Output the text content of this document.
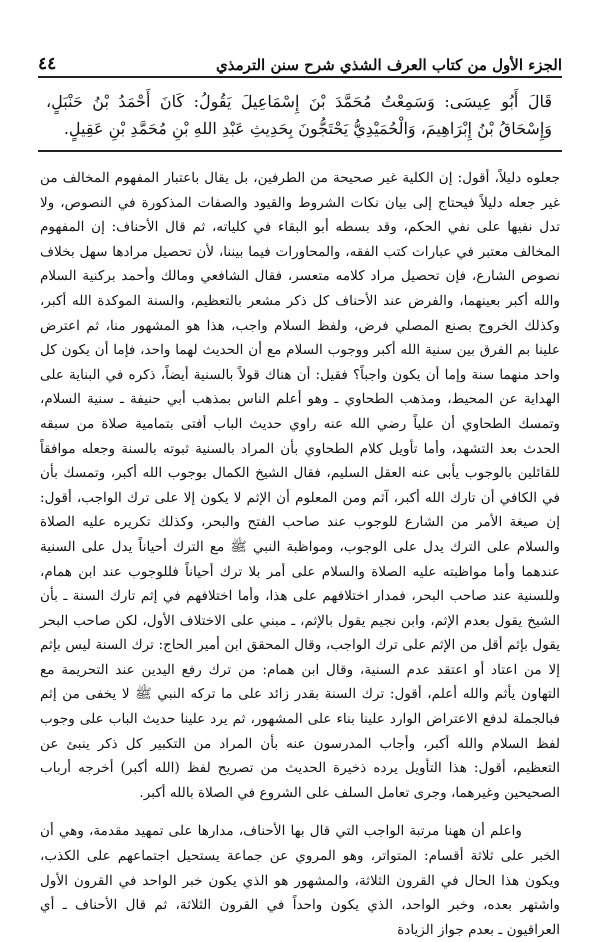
الجزء الأول من كتاب العرف الشذي شرح سنن الترمذي
٤٤
قَالَ أَبُو عِيسَى: وَسَمِعْتُ مُحَمَّدَ بْنَ إِسْمَاعِيلَ يَقُولُ: كَانَ أَحْمَدُ بْنُ حَنْبَلٍ، وَإِسْحَاقُ بْنُ إِبْرَاهِيمَ، وَالْحُمَيْدِيُّ يَحْتَجُّونَ بِحَدِيثِ عَبْدِ اللهِ بْنِ مُحَمَّدِ بْنِ عَقِيلٍ.

جعلوه دليلاً، أقول: إن الكلية غير صحيحة من الطرفين، بل يقال باعتبار المفهوم المخالف من غير جعله دليلاً فيحتاج إلى بيان نكات الشروط والقيود والصفات المذكورة في النصوص، ولا تدل نفيها على نفي الحكم، وقد بسطه أبو البقاء في كلياته، ثم قال الأحناف: إن المفهوم المخالف معتبر في عبارات كتب الفقه، والمحاورات فيما بيننا، لأن تحصيل مرادها سهل بخلاف نصوص الشارع، فإن تحصيل مراد كلامه متعسر، فقال الشافعي ومالك وأحمد بركنية السلام والله أكبر بعينهما، والفرض عند الأحناف كل ذكر مشعر بالتعظيم، والسنة الموكدة الله أكبر، وكذلك الخروج بصنع المصلي فرض، ولفظ السلام واجب، هذا هو المشهور منا، ثم اعترض علينا بم الفرق بين سنية الله أكبر ووجوب السلام مع أن الحديث لهما واحد، فإما أن يكون كل واحد منهما سنة وإما أن يكون واجباً؟ فقيل: أن هناك قولاً بالسنية أيضاً، ذكره في البناية على الهداية عن المحيط، ومذهب الطحاوي ـ وهو أعلم الناس بمذهب أبي حنيفة ـ سنية السلام، وتمسك الطحاوي أن علياً رضي الله عنه راوي حديث الباب أفتى بتمامية صلاة من سبقه الحدث بعد التشهد، وأما تأويل كلام الطحاوي بأن المراد بالسنية ثبوته بالسنة وجعله موافقاً للقائلين بالوجوب يأبى عنه العقل السليم، فقال الشيخ الكمال بوجوب الله أكبر، وتمسك بأن في الكافي أن تارك الله أكبر، آثم ومن المعلوم أن الإثم لا يكون إلا على ترك الواجب، أقول: إن صيغة الأمر من الشارع للوجوب عند صاحب الفتح والبحر، وكذلك تكريره عليه الصلاة والسلام على الترك يدل على الوجوب، ومواظبة النبي ﷺ مع الترك أحياناً يدل على السنية عندهما وأما مواظبته عليه الصلاة والسلام على أمر بلا ترك أحياناً فللوجوب عند ابن همام، وللسنية عند صاحب البحر، فمدار اختلافهم على هذا، وأما اختلافهم في إثم تارك السنة ـ بأن الشيخ يقول بعدم الإثم، وابن نجيم يقول بالإثم، ـ مبني على الاختلاف الأول، لكن صاحب البحر يقول بإثم أقل من الإثم على ترك الواجب، وقال المحقق ابن أمير الحاج: ترك السنة ليس بإثم إلا من اعتاد أو اعتقد عدم السنية، وقال ابن همام: من ترك رفع اليدين عند التحريمة مع التهاون يأثم والله أعلم، أقول: ترك السنة بقدر زائد على ما تركه النبي ﷺ لا يخفى من إثم فبالجملة لدفع الاعتراض الوارد علينا بناء على المشهور، ثم يرد علينا حديث الباب على وجوب لفظ السلام والله أكبر، وأجاب المدرسون عنه بأن المراد من التكبير كل ذكر ينبئ عن التعظيم، أقول: هذا التأويل يرده ذخيرة الحديث من تصريح لفظ (الله أكبر) أخرجه أرباب الصحيحين وغيرهما، وجرى تعامل السلف على الشروع في الصلاة بالله أكبر.

واعلم أن ههنا مرتبة الواجب التي قال بها الأحناف، مدارها على تمهيد مقدمة، وهي أن الخبر على ثلاثة أقسام: المتواتر، وهو المروي عن جماعة يستحيل اجتماعهم على الكذب، ويكون هذا الحال في القرون الثلاثة، والمشهور هو الذي يكون خبر الواحد في القرون الأول واشتهر بعده، وخبر الواحد، الذي يكون واحداً في القرون الثلاثة، ثم قال الأحناف ـ أي العراقيون ـ بعدم جواز الزيادة
